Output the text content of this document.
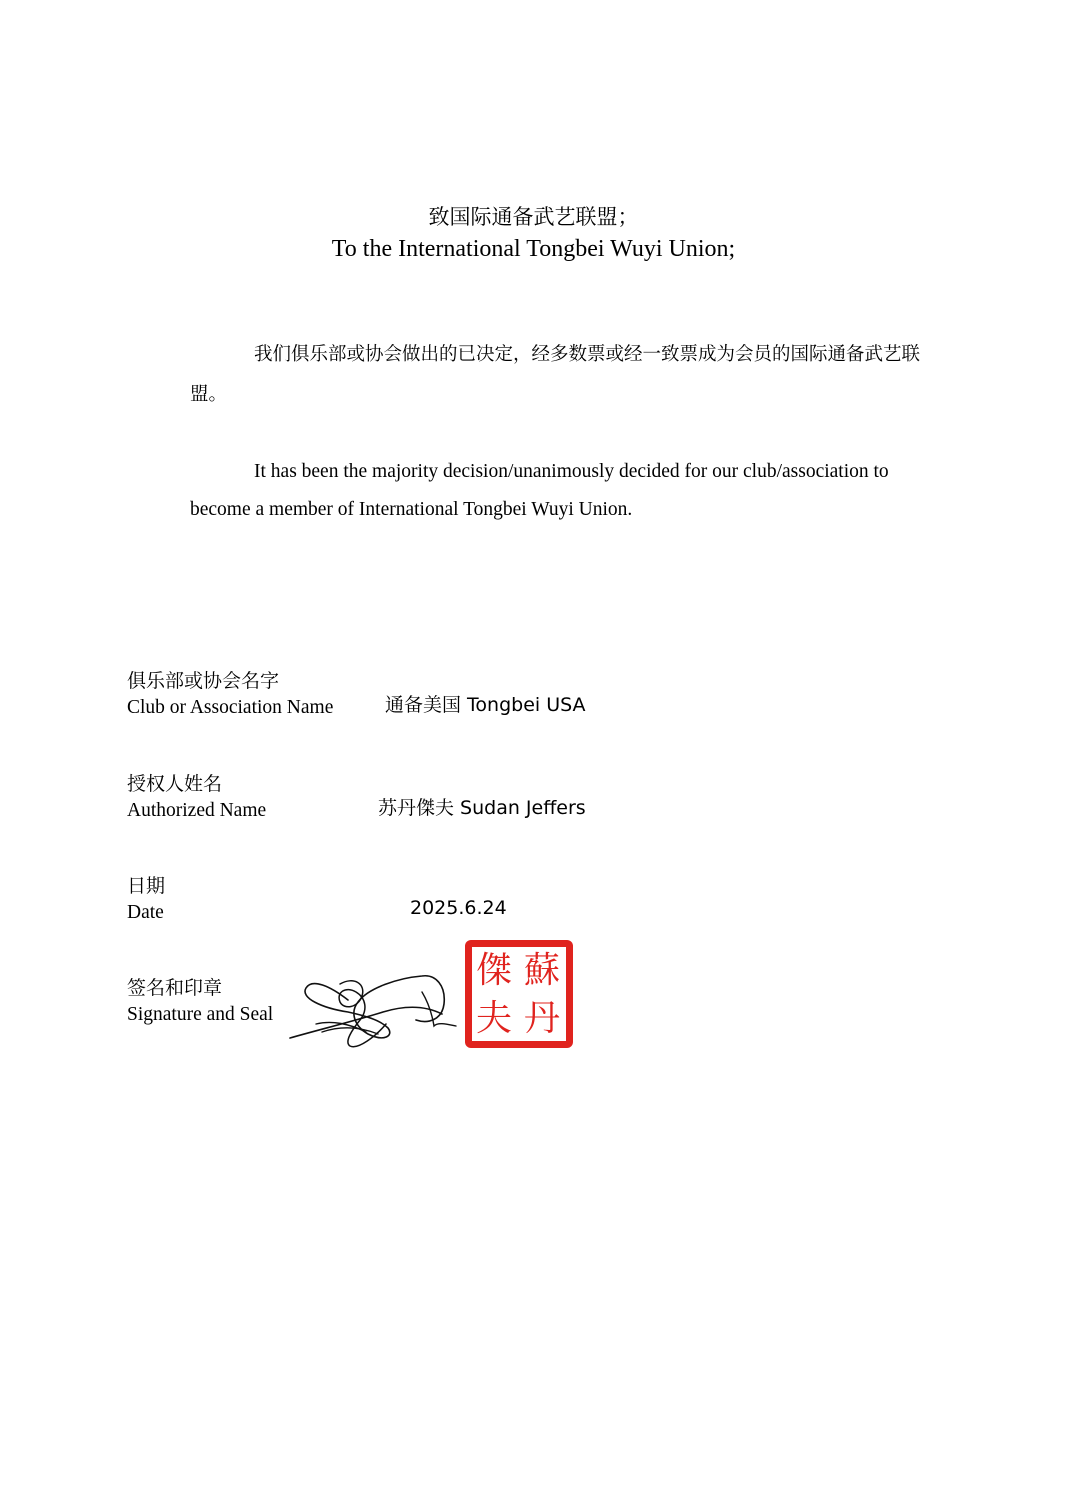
致国际通备武艺联盟；
To the International Tongbei Wuyi Union;
我们俱乐部或协会做出的已决定，经多数票或经一致票成为会员的国际通备武艺联盟。
It has been the majority decision/unanimously decided for our club/association to become a member of International Tongbei Wuyi Union.
俱乐部或协会名字
Club or Association Name	通备美国 Tongbei USA
授权人姓名
Authorized Name	苏丹傑夫 Sudan Jeffers
日期
Date	2025.6.24
签名和印章
Signature and Seal
傑 蘇
夫 丹
